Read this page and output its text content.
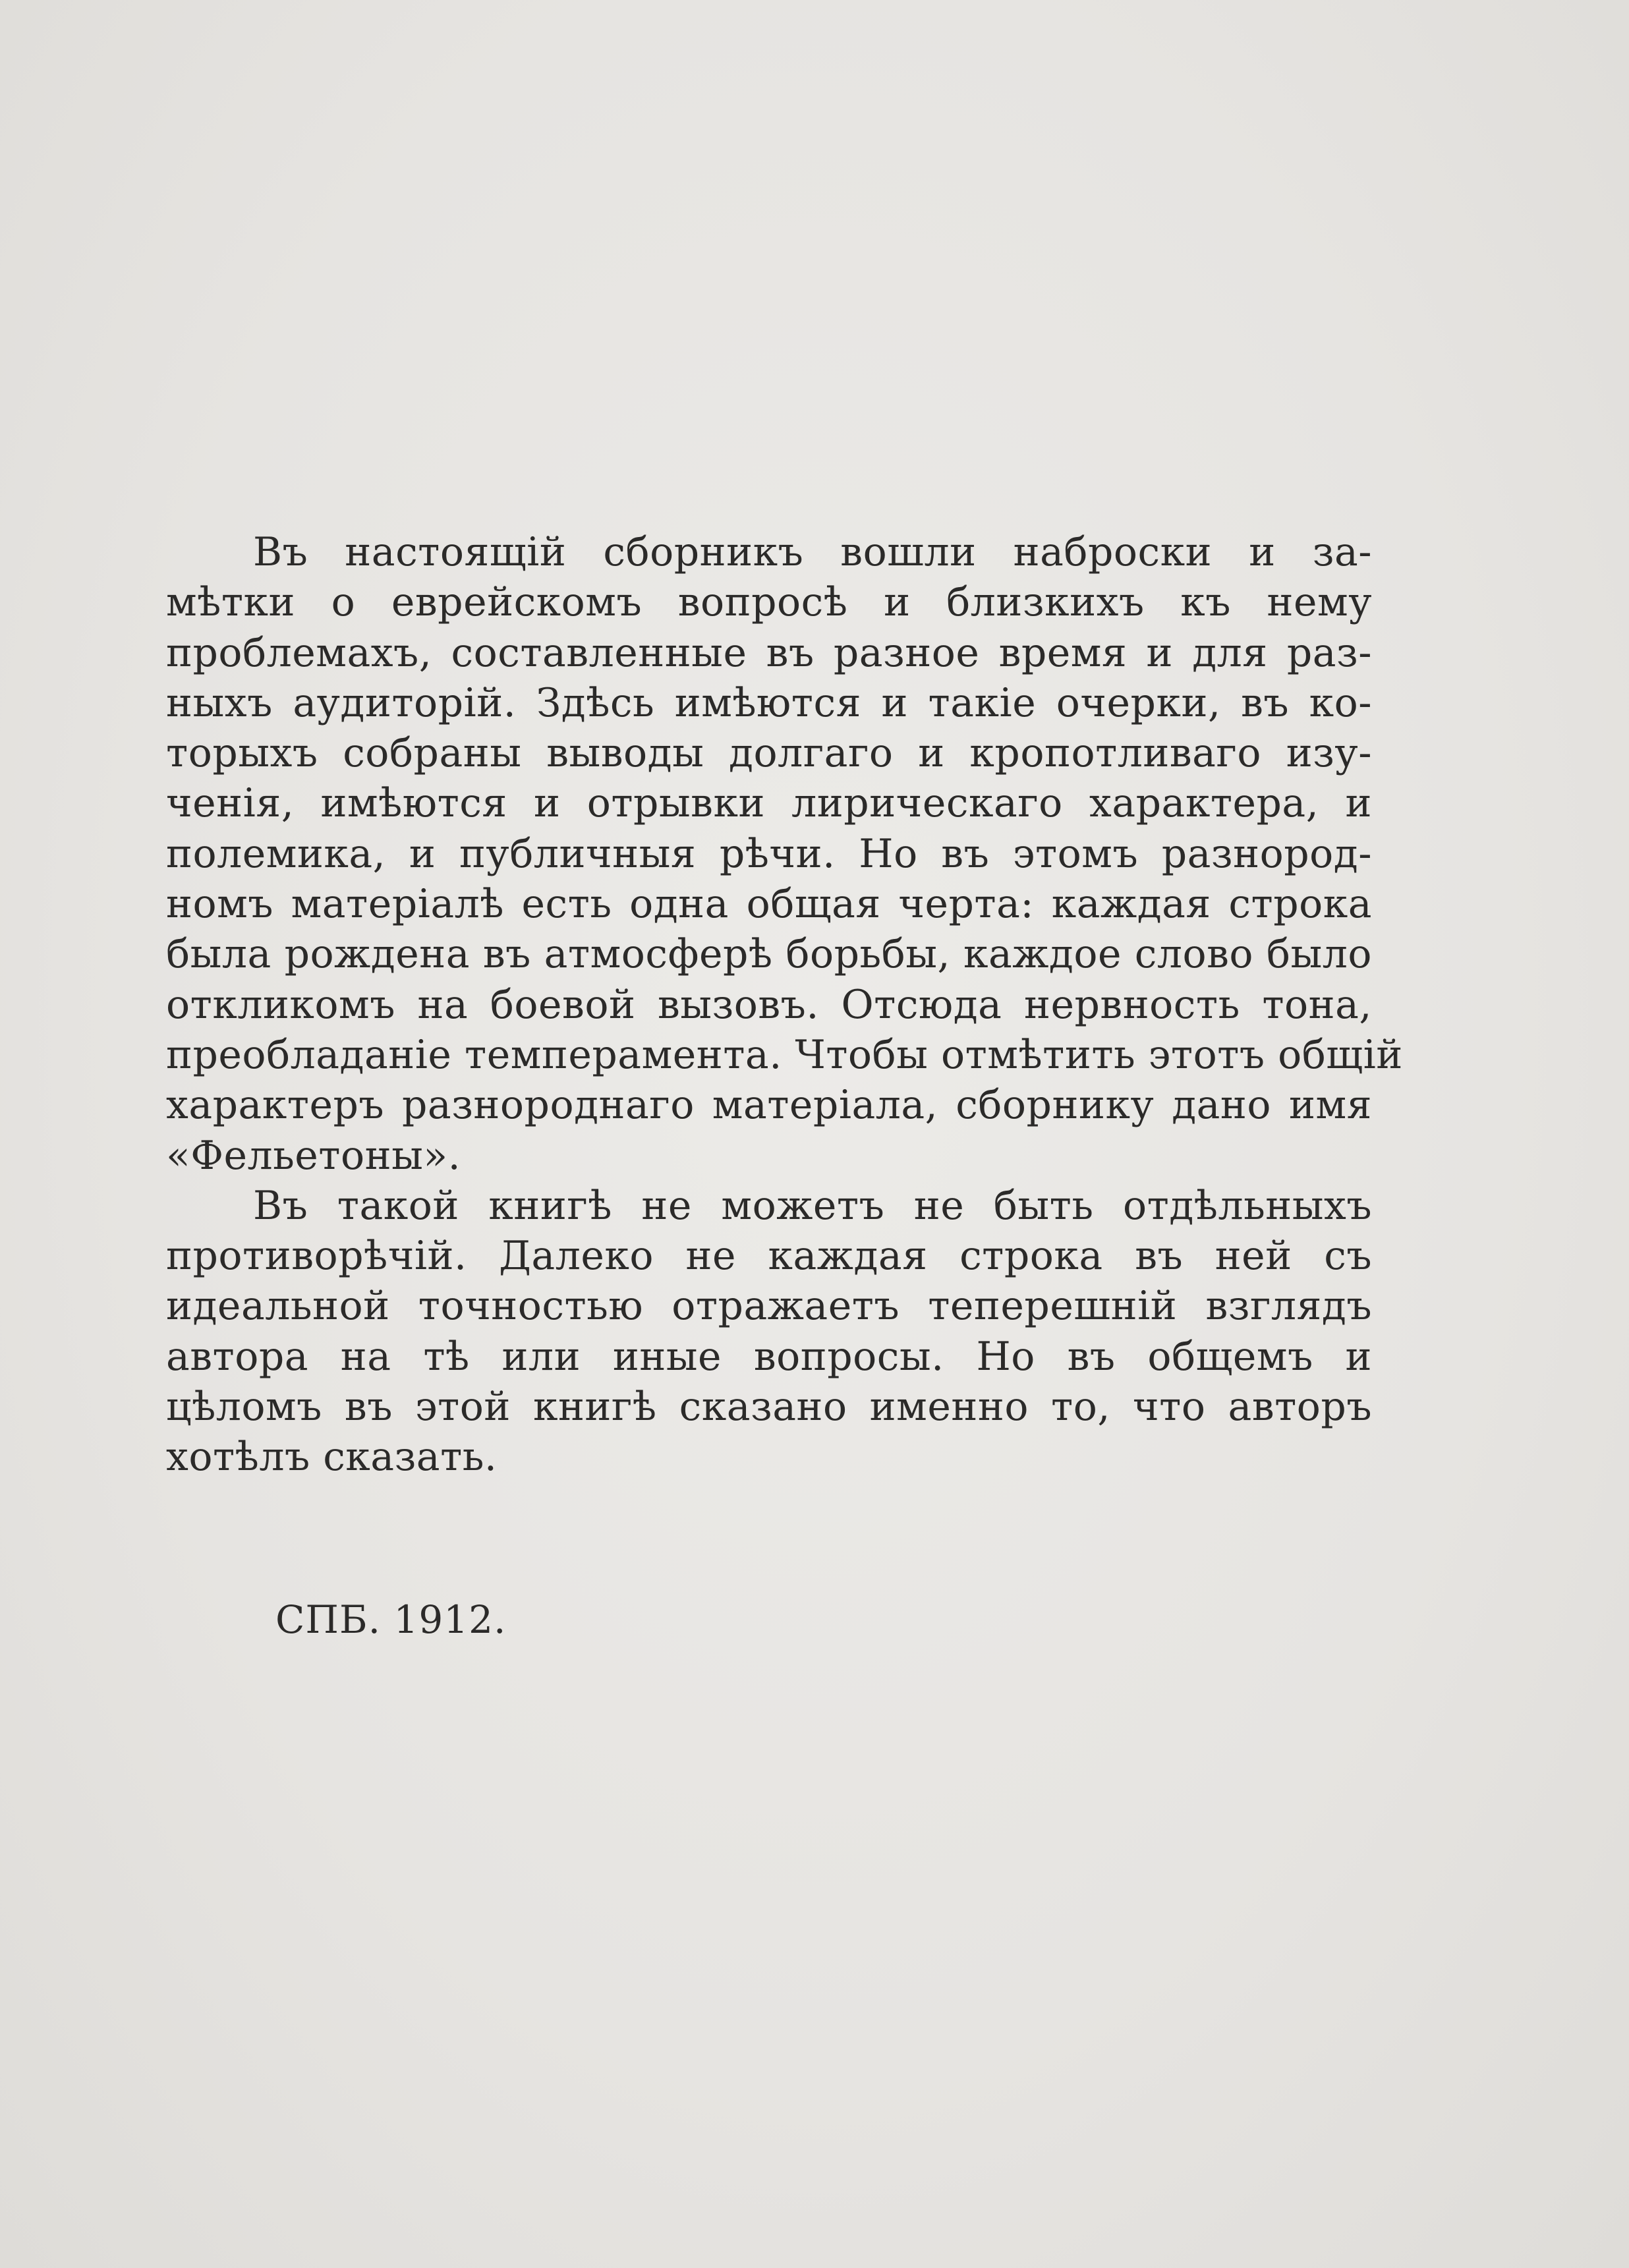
Въ настоящій сборникъ вошли наброски и за-
мѣтки о еврейскомъ вопросѣ и близкихъ къ нему
проблемахъ, составленные въ разное время и для раз-
ныхъ аудиторій. Здѣсь имѣются и такіе очерки, въ ко-
торыхъ собраны выводы долгаго и кропотливаго изу-
ченія, имѣются и отрывки лирическаго характера, и
полемика, и публичныя рѣчи. Но въ этомъ разнород-
номъ матеріалѣ есть одна общая черта: каждая строка
была рождена въ атмосферѣ борьбы, каждое слово было
откликомъ на боевой вызовъ. Отсюда нервность тона,
преобладаніе темперамента. Чтобы отмѣтить этотъ общій
характеръ разнороднаго матеріала, сборнику дано имя
«Фельетоны».

Въ такой книгѣ не можетъ не быть отдѣльныхъ
противорѣчій. Далеко не каждая строка въ ней съ
идеальной точностью отражаетъ теперешній взглядъ
автора на тѣ или иные вопросы. Но въ общемъ и
цѣломъ въ этой книгѣ сказано именно то, что авторъ
хотѣлъ сказать.

СПБ. 1912.
